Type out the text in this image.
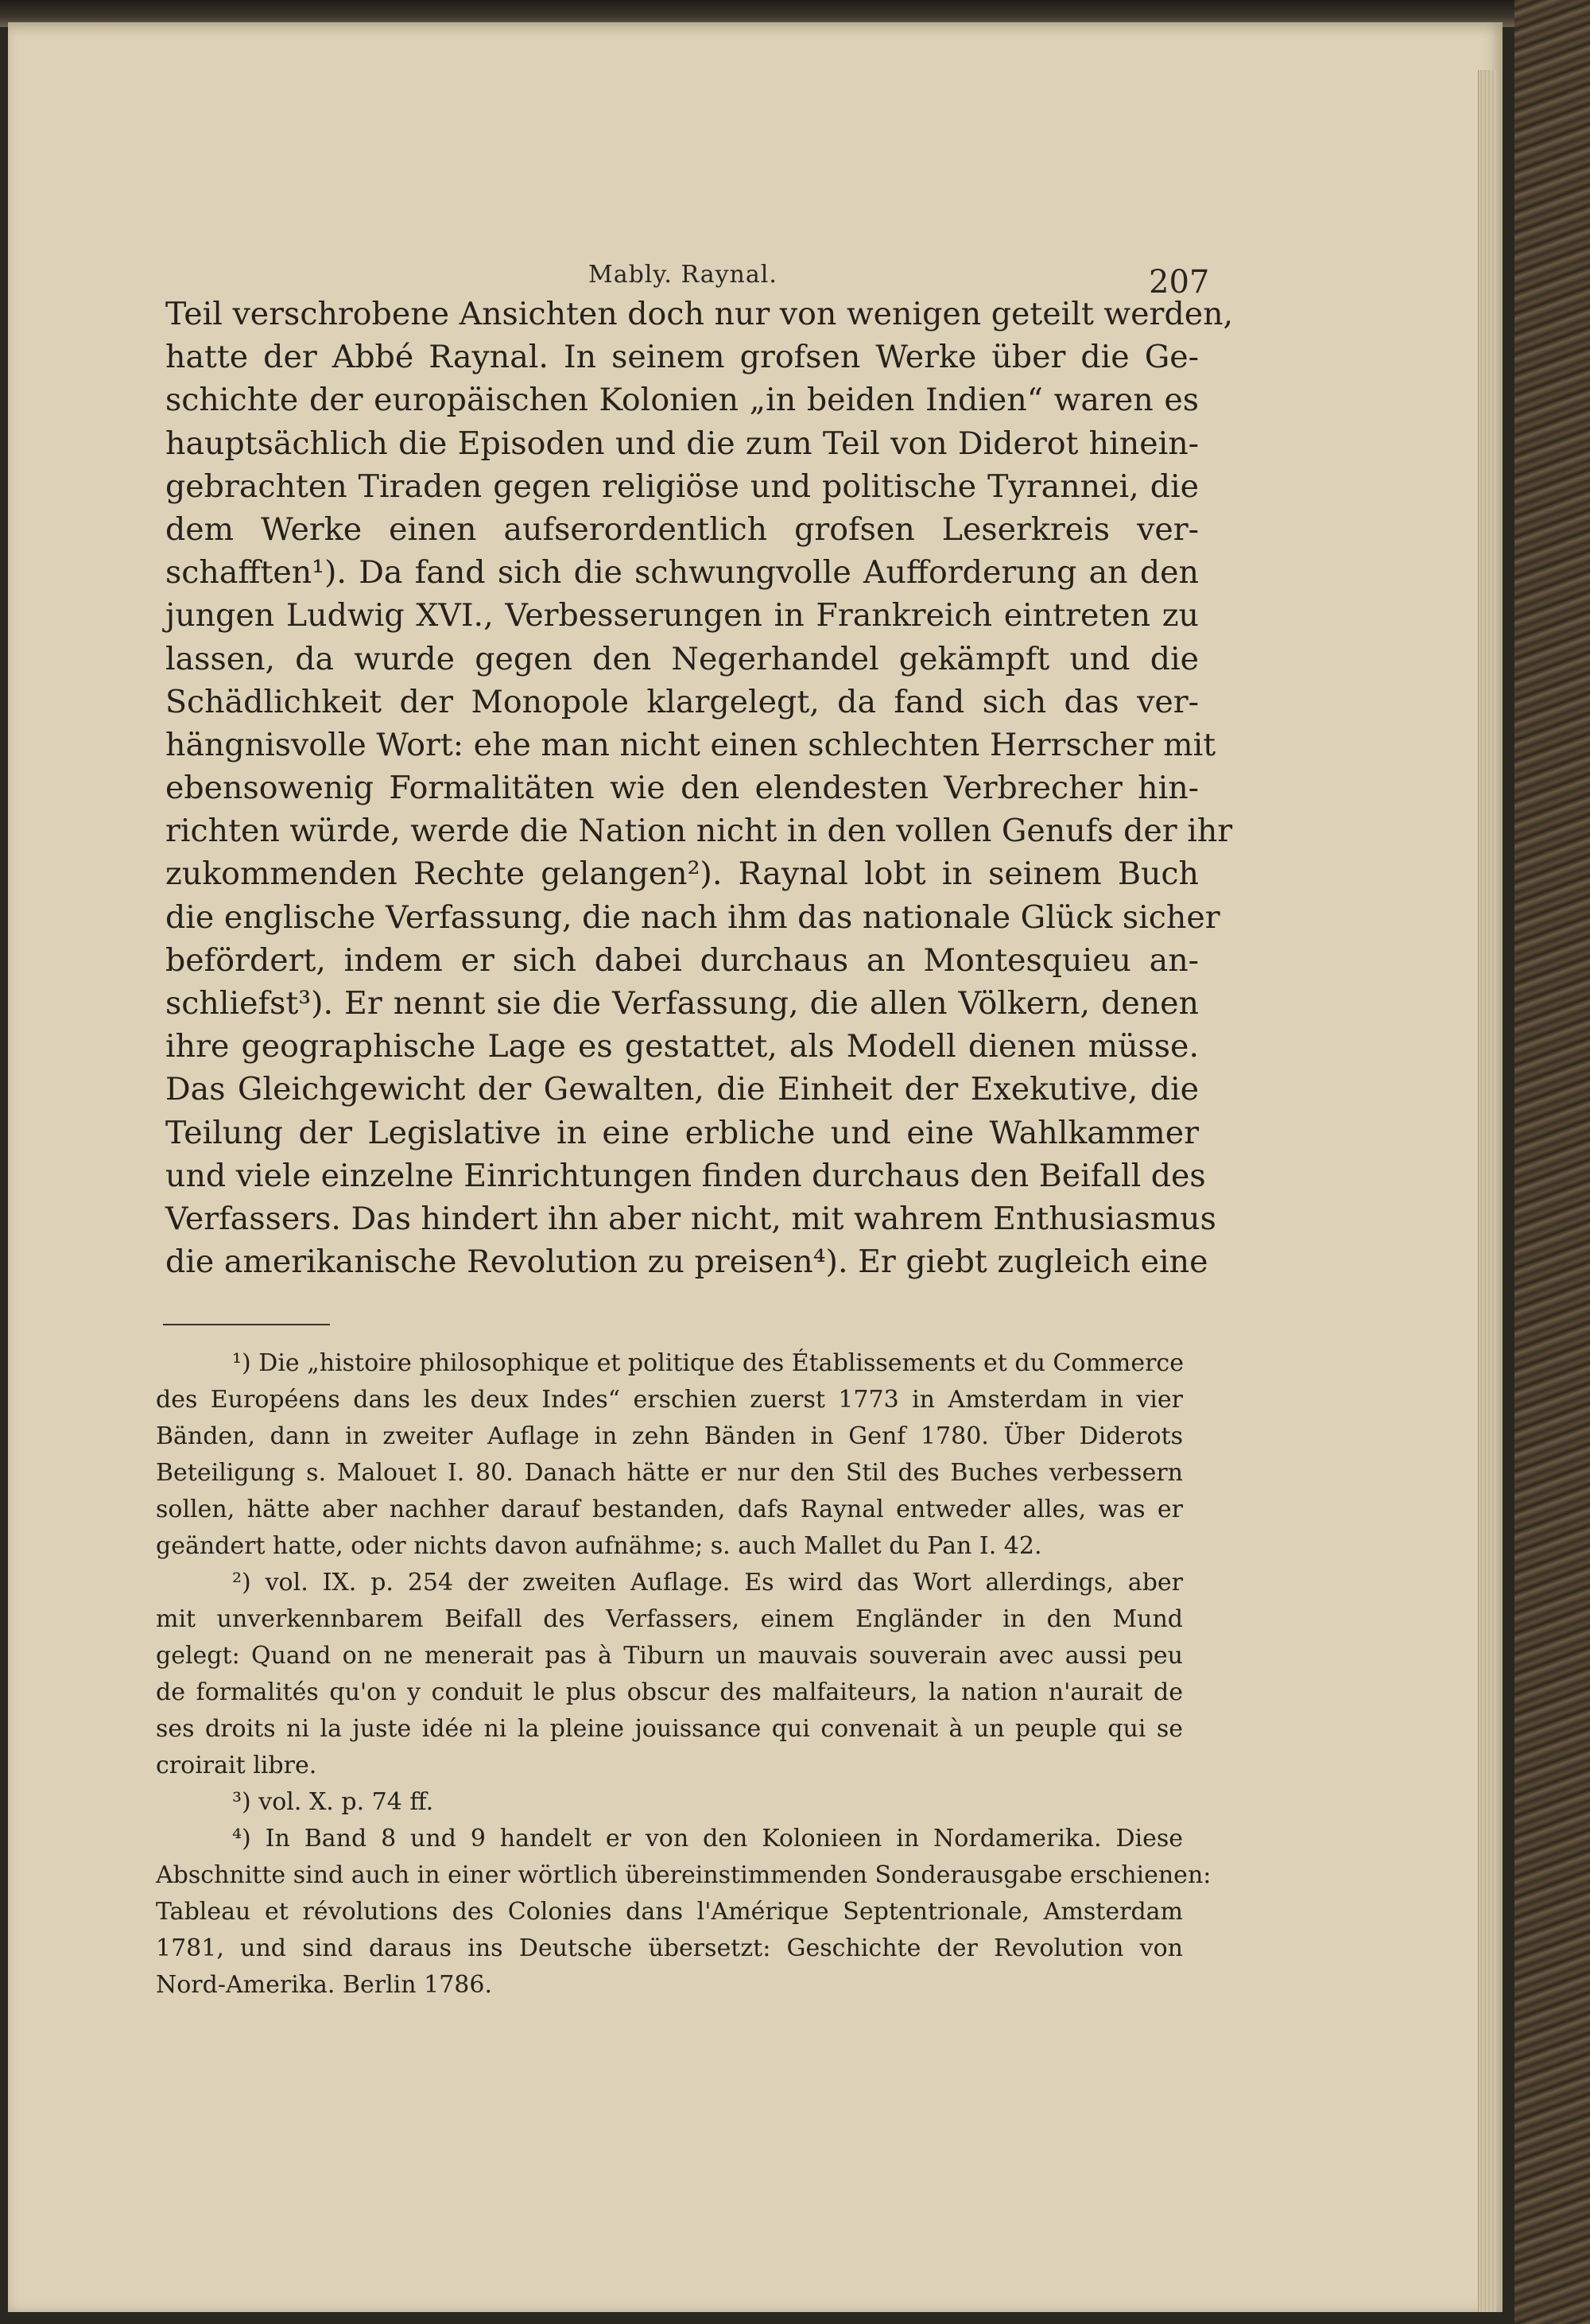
Mably. Raynal.	207
Teil verschrobene Ansichten doch nur von wenigen geteilt werden,
hatte der Abbé Raynal. In seinem grofsen Werke über die Ge-
schichte der europäischen Kolonien „in beiden Indien“ waren es
hauptsächlich die Episoden und die zum Teil von Diderot hinein-
gebrachten Tiraden gegen religiöse und politische Tyrannei, die
dem Werke einen aufserordentlich grofsen Leserkreis ver-
schafften¹). Da fand sich die schwungvolle Aufforderung an den
jungen Ludwig XVI., Verbesserungen in Frankreich eintreten zu
lassen, da wurde gegen den Negerhandel gekämpft und die
Schädlichkeit der Monopole klargelegt, da fand sich das ver-
hängnisvolle Wort: ehe man nicht einen schlechten Herrscher mit
ebensowenig Formalitäten wie den elendesten Verbrecher hin-
richten würde, werde die Nation nicht in den vollen Genufs der ihr
zukommenden Rechte gelangen²). Raynal lobt in seinem Buch
die englische Verfassung, die nach ihm das nationale Glück sicher
befördert, indem er sich dabei durchaus an Montesquieu an-
schliefst³). Er nennt sie die Verfassung, die allen Völkern, denen
ihre geographische Lage es gestattet, als Modell dienen müsse.
Das Gleichgewicht der Gewalten, die Einheit der Exekutive, die
Teilung der Legislative in eine erbliche und eine Wahlkammer
und viele einzelne Einrichtungen finden durchaus den Beifall des
Verfassers. Das hindert ihn aber nicht, mit wahrem Enthusiasmus
die amerikanische Revolution zu preisen⁴). Er giebt zugleich eine
¹) Die „histoire philosophique et politique des Établissements et du Commerce
des Européens dans les deux Indes“ erschien zuerst 1773 in Amsterdam in vier
Bänden, dann in zweiter Auflage in zehn Bänden in Genf 1780. Über Diderots
Beteiligung s. Malouet I. 80. Danach hätte er nur den Stil des Buches verbessern
sollen, hätte aber nachher darauf bestanden, dafs Raynal entweder alles, was er
geändert hatte, oder nichts davon aufnähme; s. auch Mallet du Pan I. 42.
²) vol. IX. p. 254 der zweiten Auflage. Es wird das Wort allerdings, aber
mit unverkennbarem Beifall des Verfassers, einem Engländer in den Mund
gelegt: Quand on ne menerait pas à Tiburn un mauvais souverain avec aussi peu
de formalités qu'on y conduit le plus obscur des malfaiteurs, la nation n'aurait de
ses droits ni la juste idée ni la pleine jouissance qui convenait à un peuple qui se
croirait libre.
³) vol. X. p. 74 ff.
⁴) In Band 8 und 9 handelt er von den Kolonieen in Nordamerika. Diese
Abschnitte sind auch in einer wörtlich übereinstimmenden Sonderausgabe erschienen:
Tableau et révolutions des Colonies dans l'Amérique Septentrionale, Amsterdam
1781, und sind daraus ins Deutsche übersetzt: Geschichte der Revolution von
Nord-Amerika. Berlin 1786.
